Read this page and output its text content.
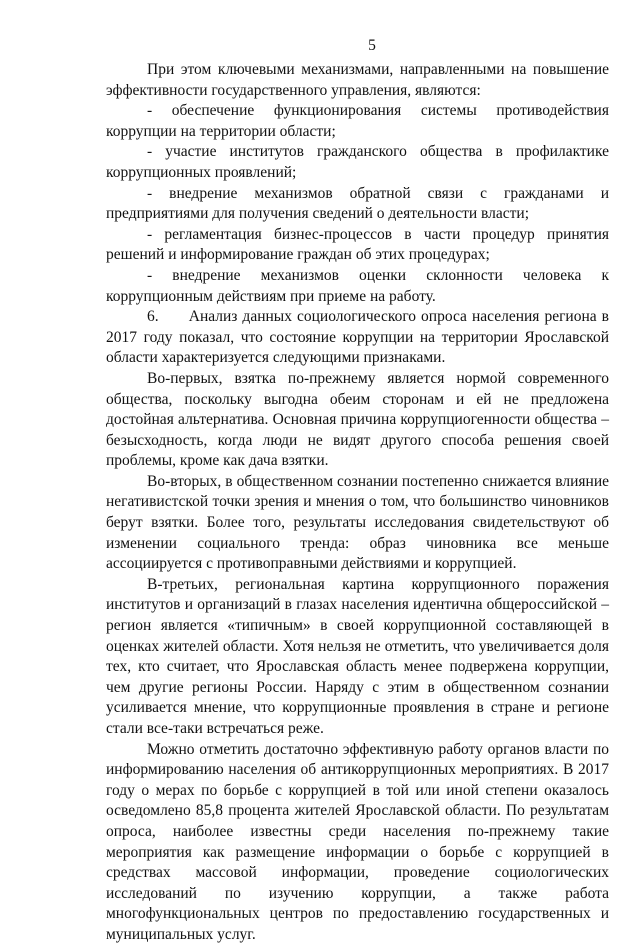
5

При этом ключевыми механизмами, направленными на повышение эффективности государственного управления, являются:

- обеспечение функционирования системы противодействия коррупции на территории области;

- участие институтов гражданского общества в профилактике коррупционных проявлений;

- внедрение механизмов обратной связи с гражданами и предприятиями для получения сведений о деятельности власти;

- регламентация бизнес-процессов в части процедур принятия решений и информирование граждан об этих процедурах;

- внедрение механизмов оценки склонности человека к коррупционным действиям при приеме на работу.

6.      Анализ данных социологического опроса населения региона в 2017 году показал, что состояние коррупции на территории Ярославской области характеризуется следующими признаками.

Во-первых, взятка по-прежнему является нормой современного общества, поскольку выгодна обеим сторонам и ей не предложена достойная альтернатива. Основная причина коррупциогенности общества – безысходность, когда люди не видят другого способа решения своей проблемы, кроме как дача взятки.

Во-вторых, в общественном сознании постепенно снижается влияние негативистской точки зрения и мнения о том, что большинство чиновников берут взятки. Более того, результаты исследования свидетельствуют об изменении социального тренда: образ чиновника все меньше ассоциируется с противоправными действиями и коррупцией.

В-третьих, региональная картина коррупционного поражения институтов и организаций в глазах населения идентична общероссийской – регион является «типичным» в своей коррупционной составляющей в оценках жителей области. Хотя нельзя не отметить, что увеличивается доля тех, кто считает, что Ярославская область менее подвержена коррупции, чем другие регионы России. Наряду с этим в общественном сознании усиливается мнение, что коррупционные проявления в стране и регионе стали все-таки встречаться реже.

Можно отметить достаточно эффективную работу органов власти по информированию населения об антикоррупционных мероприятиях. В 2017 году о мерах по борьбе с коррупцией в той или иной степени оказалось осведомлено 85,8 процента жителей Ярославской области. По результатам опроса, наиболее известны среди населения по-прежнему такие мероприятия как размещение информации о борьбе с коррупцией в средствах массовой информации, проведение социологических исследований по изучению коррупции, а также работа многофункциональных центров по предоставлению государственных и муниципальных услуг.
